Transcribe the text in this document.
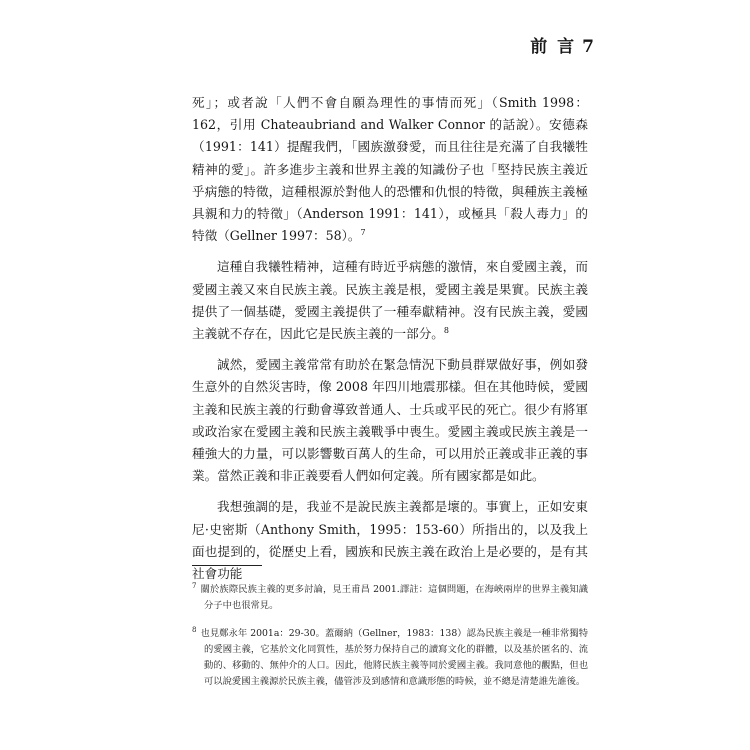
前 言 7

死」；或者說「人們不會自願為理性的事情而死」（Smith 1998：162，引用 Chateaubriand and Walker Connor 的話說）。安德森（1991：141）提醒我們，「國族激發愛，而且往往是充滿了自我犧牲精神的愛」。許多進步主義和世界主義的知識份子也「堅持民族主義近乎病態的特徵，這種根源於對他人的恐懼和仇恨的特徵，與種族主義極具親和力的特徵」（Anderson 1991：141），或極具「殺人毒力」的特徵（Gellner 1997：58）。$^7$

這種自我犧牲精神，這種有時近乎病態的激情，來自愛國主義，而愛國主義又來自民族主義。民族主義是根，愛國主義是果實。民族主義提供了一個基礎，愛國主義提供了一種奉獻精神。沒有民族主義，愛國主義就不存在，因此它是民族主義的一部分。$^8$

誠然，愛國主義常常有助於在緊急情況下動員群眾做好事，例如發生意外的自然災害時，像 2008 年四川地震那樣。但在其他時候，愛國主義和民族主義的行動會導致普通人、士兵或平民的死亡。很少有將軍或政治家在愛國主義和民族主義戰爭中喪生。愛國主義或民族主義是一種強大的力量，可以影響數百萬人的生命，可以用於正義或非正義的事業。當然正義和非正義要看人們如何定義。所有國家都是如此。

我想強調的是，我並不是說民族主義都是壞的。事實上，正如安東尼·史密斯（Anthony Smith，1995：153-60）所指出的，以及我上面也提到的，從歷史上看，國族和民族主義在政治上是必要的，是有其社會功能

$^7$ 關於族際民族主義的更多討論，見王甫昌 2001.譯註：這個問題，在海峽兩岸的世界主義知識分子中也很常見。

$^8$ 也見鄭永年 2001a：29-30。蓋爾納（Gellner，1983：138）認為民族主義是一種非常獨特的愛國主義，它基於文化同質性，基於努力保持自己的讀寫文化的群體，以及基於匿名的、流動的、移動的、無仲介的人口。因此，他將民族主義等同於愛國主義。我同意他的觀點，但也可以說愛國主義源於民族主義，儘管涉及到感情和意識形態的時候，並不總是清楚誰先誰後。
